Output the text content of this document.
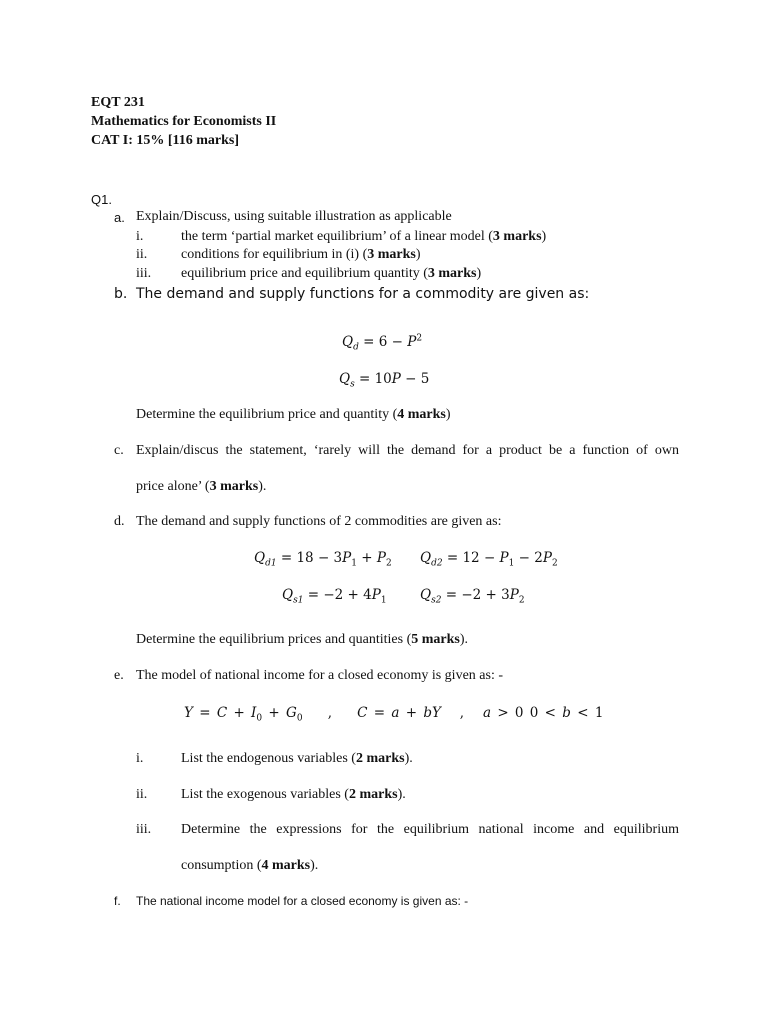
EQT 231
Mathematics for Economists II
CAT I: 15% [116 marks]
Q1.
a. Explain/Discuss, using suitable illustration as applicable
i.	the term ‘partial market equilibrium’ of a linear model (3 marks)
ii. conditions for equilibrium in (i) (3 marks)
iii. equilibrium price and equilibrium quantity (3 marks)
b. The demand and supply functions for a commodity are given as:
$Q_d = 6 - P^2$
$Q_s = 10P - 5$
Determine the equilibrium price and quantity (4 marks)
c. Explain/discus the statement, ‘rarely will the demand for a product be a function of own
price alone’ (3 marks).
d. The demand and supply functions of 2 commodities are given as:
$Q_{d1} = 18 - 3P_1 + P_2$ $Q_{d2} = 12 - P_1 - 2P_2$
$Q_{s1} = -2 + 4P_1$ $Q_{s2} = -2 + 3P_2$
Determine the equilibrium prices and quantities (5 marks).
e. The model of national income for a closed economy is given as: -
$Y = C + I_0 + G_0$    ,    C = a + bY   ,   a > 0 0 < b < 1
i.	List the endogenous variables (2 marks).
ii. List the exogenous variables (2 marks).
iii. Determine the expressions for the equilibrium national income and equilibrium
consumption (4 marks).
f. The national income model for a closed economy is given as: -
